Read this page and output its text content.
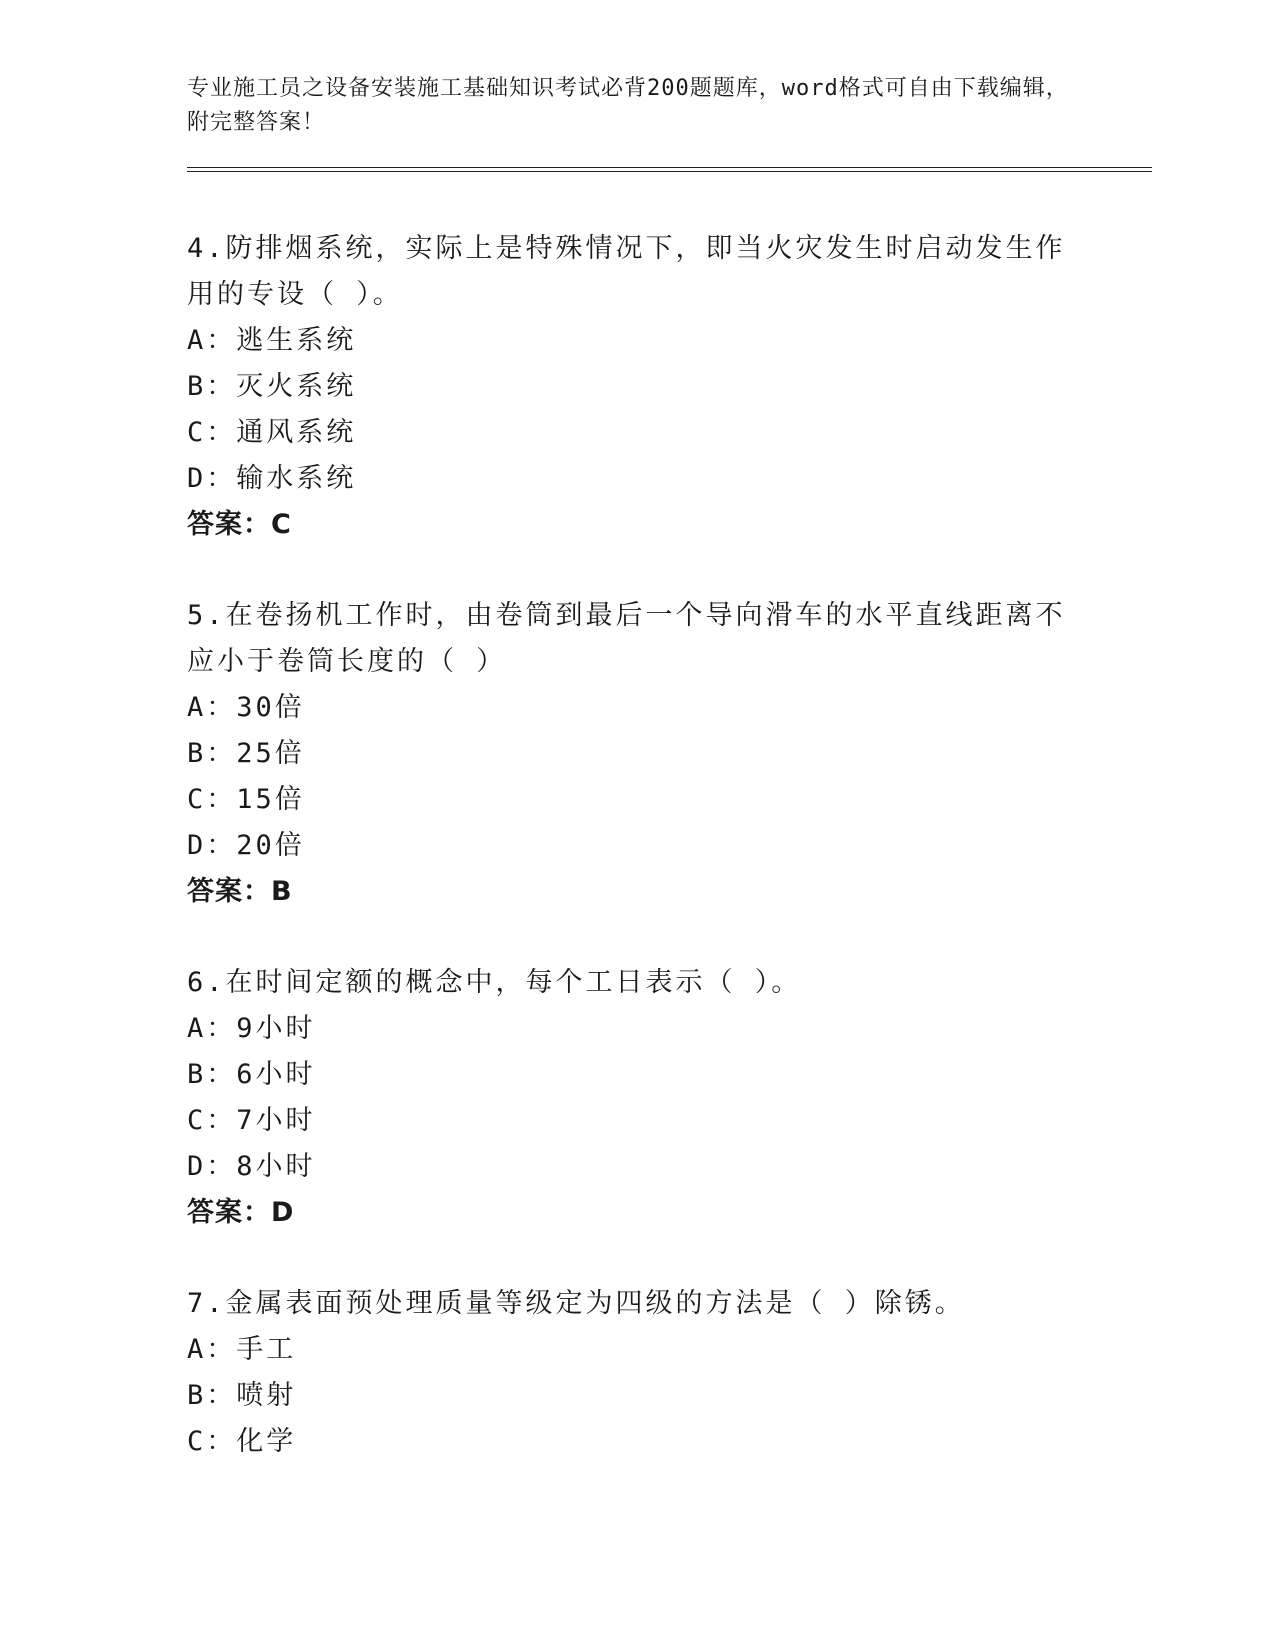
专业施工员之设备安装施工基础知识考试必背200题题库，word格式可自由下载编辑，附完整答案！
4.防排烟系统，实际上是特殊情况下，即当火灾发生时启动发生作用的专设（ ）。
A：逃生系统
B：灭火系统
C：通风系统
D：输水系统
答案：C
5.在卷扬机工作时，由卷筒到最后一个导向滑车的水平直线距离不应小于卷筒长度的（ ）
A：30倍
B：25倍
C：15倍
D：20倍
答案：B
6.在时间定额的概念中，每个工日表示（ ）。
A：9小时
B：6小时
C：7小时
D：8小时
答案：D
7.金属表面预处理质量等级定为四级的方法是（ ）除锈。
A：手工
B：喷射
C：化学
